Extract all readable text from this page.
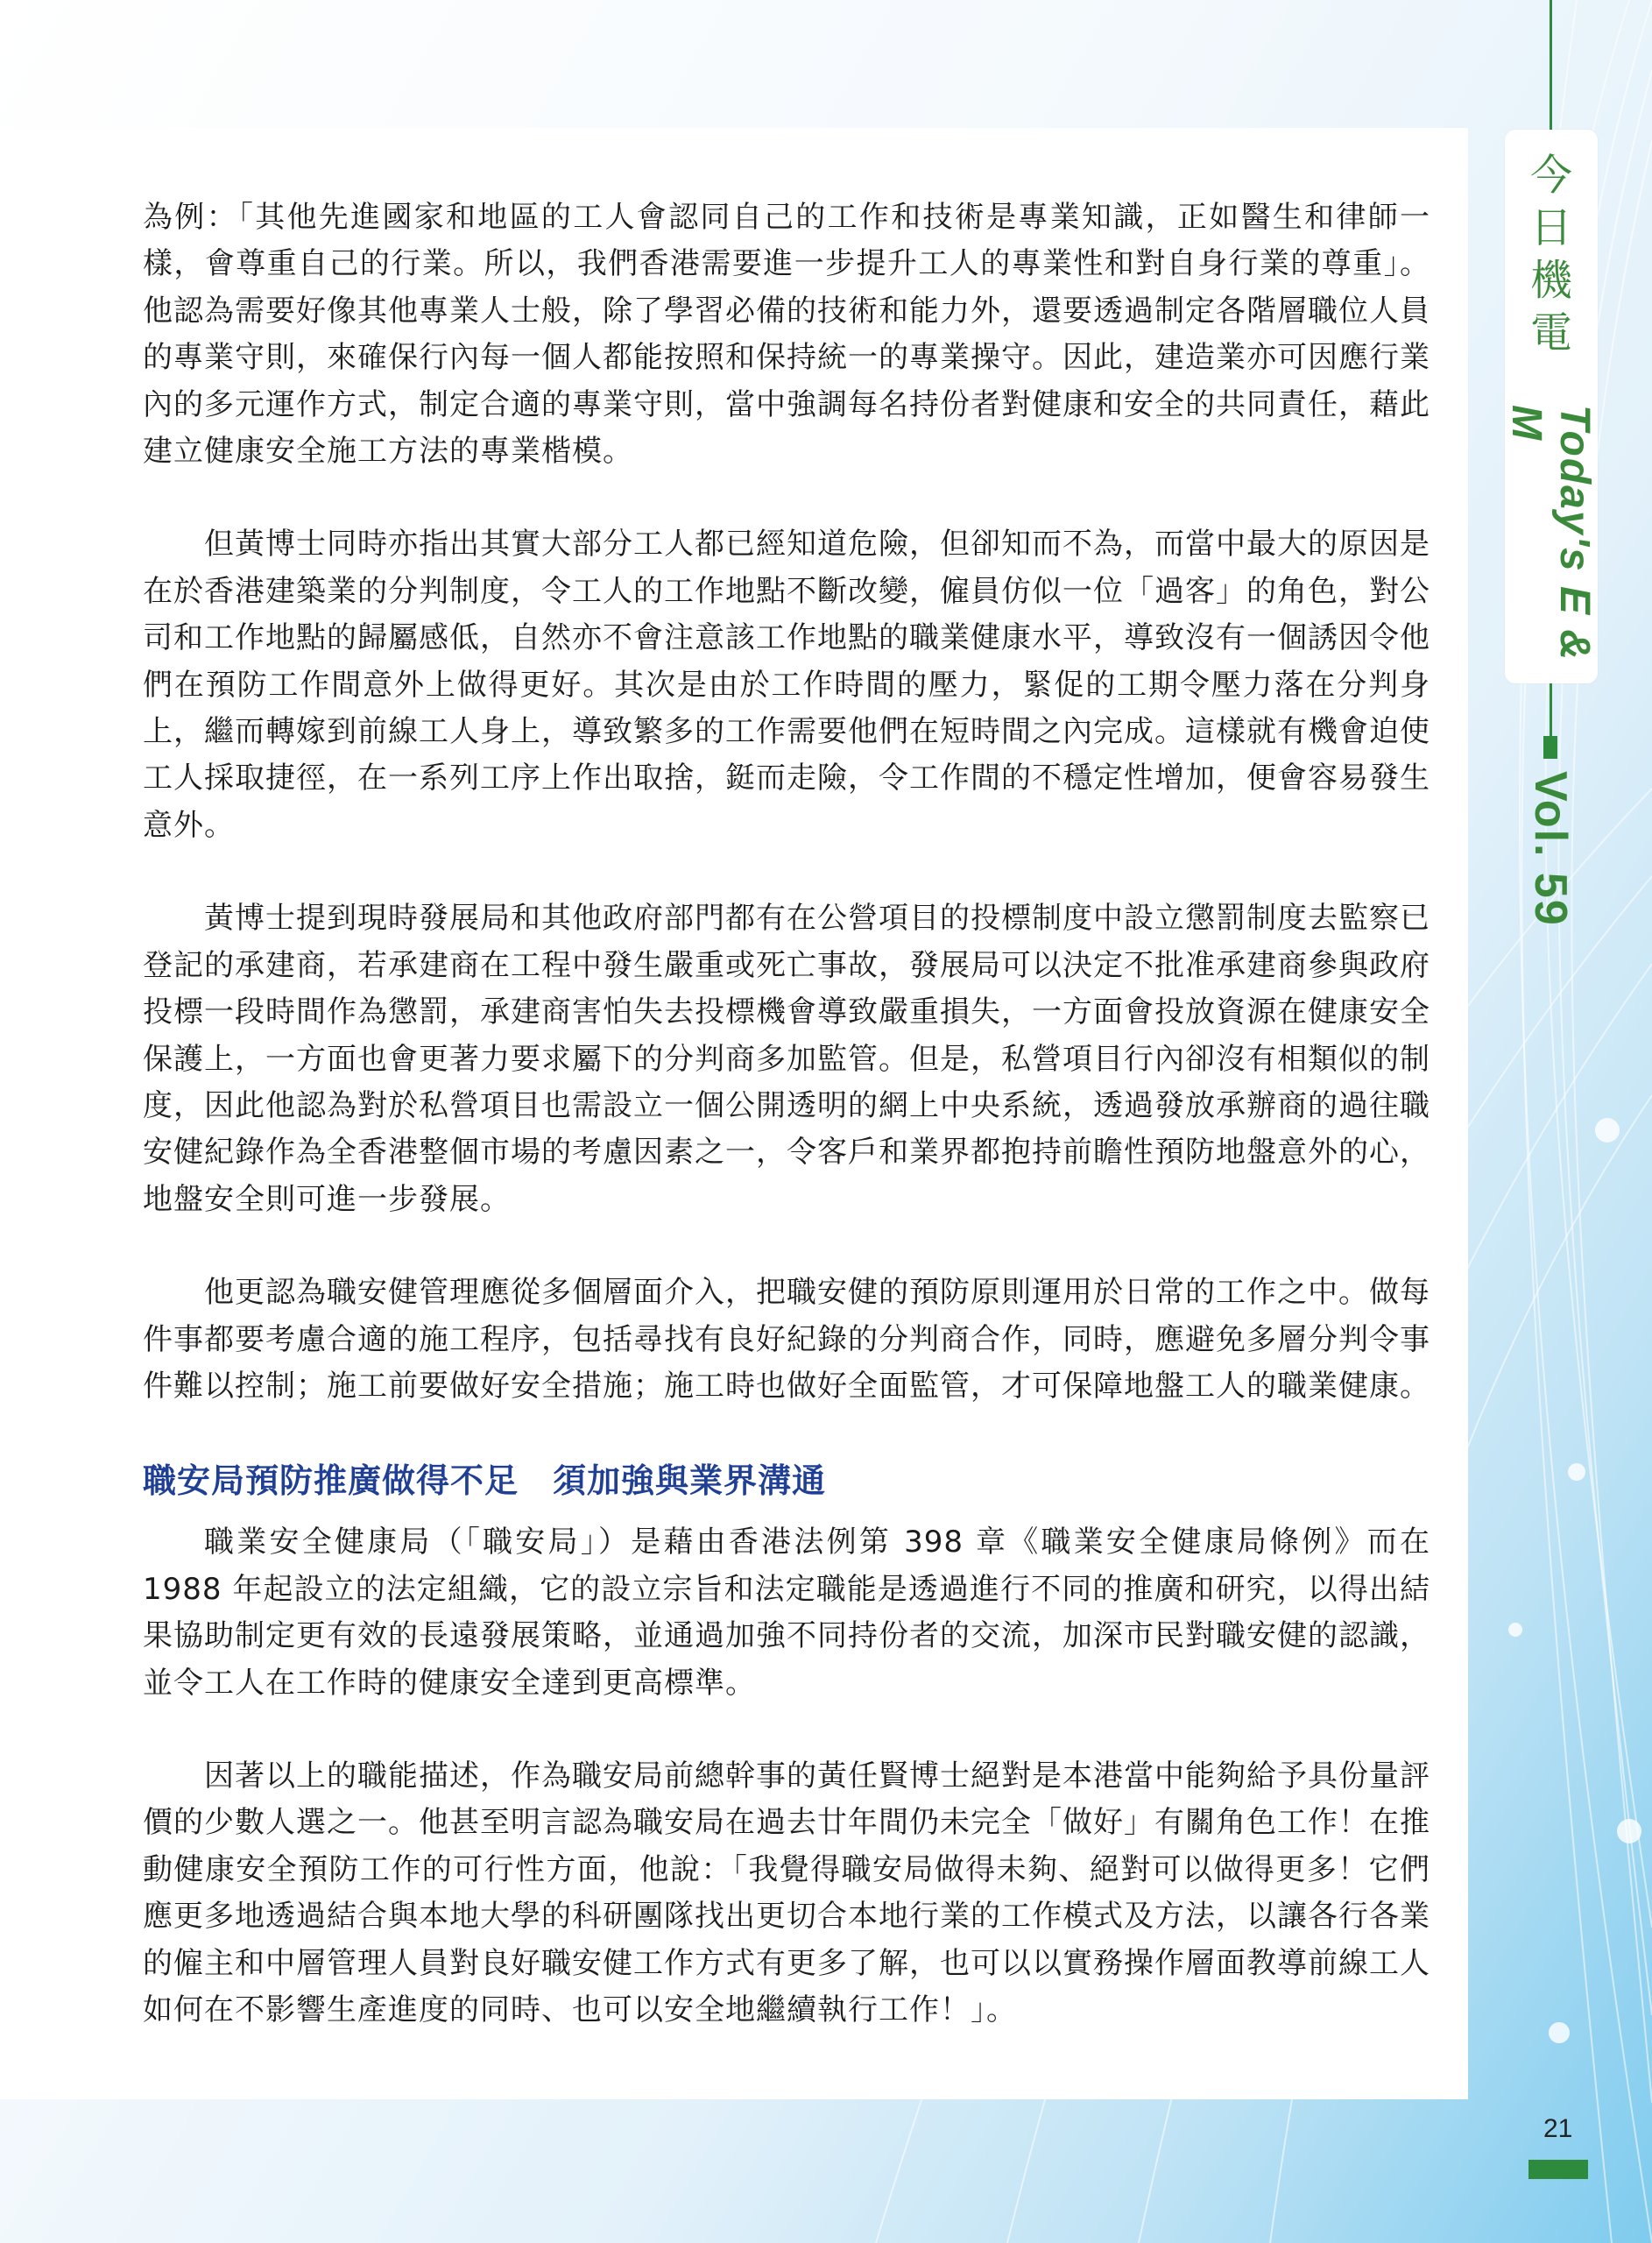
為例：「其他先進國家和地區的工人會認同自己的工作和技術是專業知識，正如醫生和律師一樣，會尊重自己的行業。所以，我們香港需要進一步提升工人的專業性和對自身行業的尊重」。他認為需要好像其他專業人士般，除了學習必備的技術和能力外，還要透過制定各階層職位人員的專業守則，來確保行內每一個人都能按照和保持統一的專業操守。因此，建造業亦可因應行業內的多元運作方式，制定合適的專業守則，當中強調每名持份者對健康和安全的共同責任，藉此建立健康安全施工方法的專業楷模。

但黃博士同時亦指出其實大部分工人都已經知道危險，但卻知而不為，而當中最大的原因是在於香港建築業的分判制度，令工人的工作地點不斷改變，僱員仿似一位「過客」的角色，對公司和工作地點的歸屬感低，自然亦不會注意該工作地點的職業健康水平，導致沒有一個誘因令他們在預防工作間意外上做得更好。其次是由於工作時間的壓力，緊促的工期令壓力落在分判身上，繼而轉嫁到前線工人身上，導致繁多的工作需要他們在短時間之內完成。這樣就有機會迫使工人採取捷徑，在一系列工序上作出取捨，鋌而走險，令工作間的不穩定性增加，便會容易發生意外。

黃博士提到現時發展局和其他政府部門都有在公營項目的投標制度中設立懲罰制度去監察已登記的承建商，若承建商在工程中發生嚴重或死亡事故，發展局可以決定不批准承建商參與政府投標一段時間作為懲罰，承建商害怕失去投標機會導致嚴重損失，一方面會投放資源在健康安全保護上，一方面也會更著力要求屬下的分判商多加監管。但是，私營項目行內卻沒有相類似的制度，因此他認為對於私營項目也需設立一個公開透明的網上中央系統，透過發放承辦商的過往職安健紀錄作為全香港整個市場的考慮因素之一，令客戶和業界都抱持前瞻性預防地盤意外的心，地盤安全則可進一步發展。

他更認為職安健管理應從多個層面介入，把職安健的預防原則運用於日常的工作之中。做每件事都要考慮合適的施工程序，包括尋找有良好紀錄的分判商合作，同時，應避免多層分判令事件難以控制；施工前要做好安全措施；施工時也做好全面監管，才可保障地盤工人的職業健康。

職安局預防推廣做得不足　須加強與業界溝通

職業安全健康局（「職安局」）是藉由香港法例第 398 章《職業安全健康局條例》而在 1988 年起設立的法定組織，它的設立宗旨和法定職能是透過進行不同的推廣和研究，以得出結果協助制定更有效的長遠發展策略，並通過加強不同持份者的交流，加深市民對職安健的認識，並令工人在工作時的健康安全達到更高標準。

因著以上的職能描述，作為職安局前總幹事的黃任賢博士絕對是本港當中能夠給予具份量評價的少數人選之一。他甚至明言認為職安局在過去廿年間仍未完全「做好」有關角色工作！在推動健康安全預防工作的可行性方面，他說：「我覺得職安局做得未夠、絕對可以做得更多！它們應更多地透過結合與本地大學的科研團隊找出更切合本地行業的工作模式及方法，以讓各行各業的僱主和中層管理人員對良好職安健工作方式有更多了解，也可以以實務操作層面教導前線工人如何在不影響生產進度的同時、也可以安全地繼續執行工作！」。

今
日
機
電
Today's E & M
Vol. 59
21
